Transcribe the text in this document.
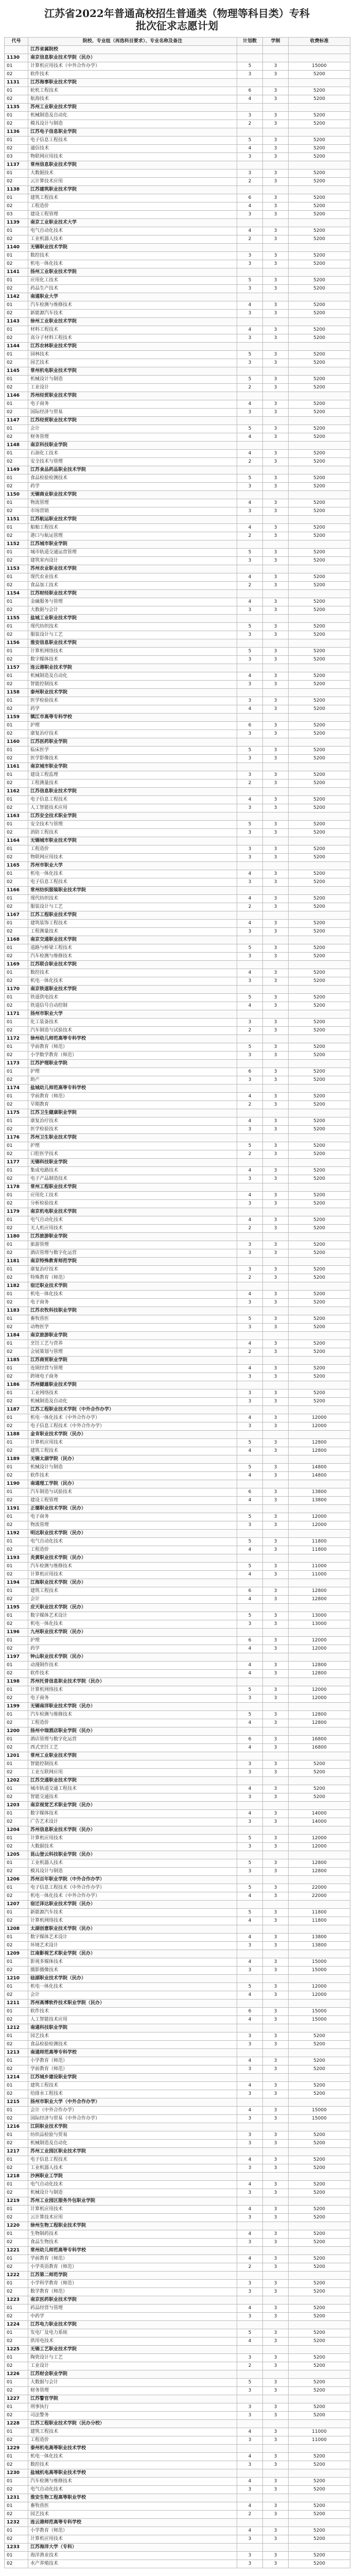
江苏省2022年普通高校招生普通类（物理等科目类）专科
批次征求志愿计划
代号	院校、专业组（再选科目要求）、专业名称及备注	计划数	学制	收费标准
	江苏省属院校			
1130	南京信息职业技术学院（民办）			
01	计算机应用技术（中外合作办学）	5	3	15000
02	软件技术	3	3	5200
1131	江苏海事职业技术学院			
01	轮机工程技术	6	3	5200
02	航海技术	4	3	5200
1135	苏州工业职业技术学院			
01	机械制造及自动化	3	3	5200
02	模具设计与制造	2	3	5200
1136	江苏电子信息职业学院			
01	电子信息工程技术	5	3	5200
02	通信技术	4	3	5200
03	物联网应用技术	3	3	5200
1137	常州信息职业技术学院			
01	大数据技术	3	3	5200
02	云计算技术应用	2	3	5200
1138	江苏建筑职业技术学院			
01	建筑工程技术	6	3	5200
02	工程造价	4	3	5200
03	建设工程管理	3	3	5200
1139	南京工业职业技术大学			
01	电气自动化技术	4	3	5200
02	工业机器人技术	2	3	5200
1140	无锡职业技术学院			
01	数控技术	3	3	5200
02	机电一体化技术	3	3	5200
1141	扬州工业职业技术学院			
01	应用化工技术	5	3	5200
02	药品生产技术	3	3	5200
1142	南通职业大学			
01	汽车检测与维修技术	4	3	5200
02	新能源汽车技术	3	3	5200
1143	徐州工业职业技术学院			
01	材料工程技术	4	3	5200
02	高分子材料工程技术	3	3	5200
1144	江苏农林职业技术学院			
01	园林技术	5	3	5200
02	园艺技术	3	3	5200
1145	常州机电职业技术学院			
01	机械设计与制造	5	3	5200
02	工业设计	2	3	5200
1146	苏州经贸职业技术学院			
01	电子商务	4	3	5200
02	国际经济与贸易	3	3	5200
1147	江苏经贸职业技术学院			
01	会计	5	3	5200
02	财务管理	4	3	5200
1148	南京科技职业学院			
01	石油化工技术	4	3	5200
02	安全技术与管理	2	3	5200
1149	江苏食品药品职业技术学院			
01	食品检验检测技术	5	3	5200
02	药学	3	3	5200
1150	无锡商业职业技术学院			
01	物流管理	4	3	5200
02	市场营销	3	3	5200
1151	江苏航运职业技术学院			
01	船舶工程技术	4	3	5200
02	港口与航运管理	2	3	5200
1152	江苏城市职业学院			
01	城市轨道交通运营管理	5	3	5200
02	建筑室内设计	3	3	5200
1153	苏州农业职业技术学院			
01	现代农业技术	4	3	5200
02	食品加工技术	2	3	5200
1154	江苏财经职业技术学院			
01	金融服务与管理	4	3	5200
02	大数据与会计	3	3	5200
1155	盐城工业职业技术学院			
01	现代纺织技术	5	3	5200
02	服装设计与工艺	3	3	5200
1156	淮安信息职业技术学院			
01	计算机网络技术	5	3	5200
02	数字媒体技术	3	3	5200
1157	连云港职业技术学院			
01	机械制造及自动化	4	3	5200
02	智能控制技术	3	3	5200
1158	泰州职业技术学院			
01	医学检验技术	3	3	5200
02	药学	4	3	5200
1159	镇江市高等专科学校			
01	护理	6	3	5200
02	康复治疗技术	3	3	5200
1160	江苏医药职业学院			
01	临床医学	5	3	5200
02	医学影像技术	3	3	5200
1161	南京城市职业学院			
01	建设工程监理	3	3	5200
02	工程测量技术	2	3	5200
1162	江苏信息职业技术学院			
01	电子信息工程技术	4	3	5200
02	人工智能技术应用	3	3	5200
1163	江苏安全技术职业学院			
01	安全技术与管理	5	3	5200
02	消防工程技术	3	3	5200
1164	无锡城市职业技术学院			
01	工程造价	3	3	5200
02	物联网应用技术	3	3	5200
1165	苏州市职业大学			
01	机电一体化技术	4	3	5200
02	电子信息工程技术	3	3	5200
1166	常州纺织服装职业技术学院			
01	现代纺织技术	4	3	5200
02	服装设计与工艺	2	3	5200
1167	江苏工程职业技术学院			
01	建筑装饰工程技术	4	3	5200
02	工程测量技术	3	3	5200
1168	南京交通职业技术学院			
01	道路与桥梁工程技术	5	3	5200
02	汽车检测与维修技术	3	3	5200
1169	江苏联合职业技术学院			
01	数控技术	4	3	5200
02	机电一体化技术	3	3	5200
1170	南京铁道职业技术学院			
01	铁道供电技术	5	3	5200
02	铁道信号自动控制	4	3	5200
1171	扬州市职业大学			
01	化工装备技术	3	3	5200
02	汽车制造与试验技术	2	3	5200
1172	徐州幼儿师范高等专科学校			
01	学前教育（师范）	5	3	5200
02	小学数学教育（师范）	3	3	5200
1173	江苏护理职业学院			
01	护理	6	3	5200
02	助产	3	3	5200
1174	盐城幼儿师范高等专科学校			
01	学前教育（师范）	4	3	5200
02	早期教育	2	3	5200
1175	江苏卫生健康职业学院			
01	康复治疗技术	4	3	5200
02	医学检验技术	3	3	5200
1176	苏州卫生职业技术学院			
01	护理	5	3	5200
02	口腔医学技术	2	3	5200
1177	无锡科技职业学院			
01	集成电路技术	4	3	5200
02	电子产品制造技术	3	3	5200
1178	常州工程职业技术学院			
01	应用化工技术	4	3	5200
02	分析检验技术	3	3	5200
1179	南京机电职业技术学院			
01	电气自动化技术	4	3	5200
02	无人机应用技术	2	3	5200
1180	江苏旅游职业学院			
01	旅游管理	3	3	5200
02	酒店管理与数字化运营	3	3	5200
1181	南京特殊教育师范学院			
01	康复治疗技术	3	3	5200
02	特殊教育（师范）	2	3	5200
1182	宿迁职业技术学院			
01	机电一体化技术	4	3	5200
02	电子商务	3	3	5200
1183	江苏农牧科技职业学院			
01	畜牧兽医	5	3	5200
02	动物医学	3	3	5200
1184	南京旅游职业学院			
01	烹饪工艺与营养	4	3	5200
02	会展策划与管理	2	3	5200
1185	江苏商贸职业学院			
01	连锁经营与管理	4	3	5200
02	跨境电子商务	3	3	5200
1186	苏州健雄职业技术学院			
01	工业网络技术	3	3	5200
02	机械制造及自动化	3	3	5200
1187	江苏工程职业技术学院（中外合作办学）			
01	机电一体化技术（中外合作办学）	4	3	12000
02	电子信息工程技术（中外合作办学）	3	3	12000
1188	金肯职业技术学院（民办）			
01	计算机应用技术	5	3	12800
02	建筑工程技术	4	3	12800
1189	无锡太湖学院（民办）			
01	机械设计与制造	5	3	14800
02	软件技术	4	3	14800
1190	南通理工学院（民办）			
01	汽车制造与试验技术	6	3	13800
02	建设工程管理	4	3	13800
1191	正德职业技术学院（民办）			
01	电子商务	5	3	12000
02	物流管理	3	3	12000
1192	明达职业技术学院（民办）			
01	电气自动化技术	5	3	11800
02	工程造价	4	3	11800
1193	炎黄职业技术学院（民办）			
01	汽车检测与维修技术	5	3	11000
02	计算机应用技术	4	3	11000
1194	江海职业技术学院（民办）			
01	建筑工程技术	6	3	12800
02	会计	4	3	12800
1195	应天职业技术学院（民办）			
01	数字媒体艺术设计	5	3	13000
02	机电一体化技术	3	3	13000
1196	九州职业技术学院（民办）			
01	护理	6	3	12000
02	药学	4	3	12000
1197	钟山职业技术学院（民办）			
01	动漫制作技术	4	3	12800
02	软件技术	4	3	12800
1198	苏州托普信息职业技术学院（民办）			
01	计算机网络技术	5	3	12000
02	电子商务	3	3	12000
1199	无锡南洋职业技术学院（民办）			
01	汽车检测与维修技术	5	3	12800
02	工程造价	4	3	12800
1200	扬州中瑞酒店职业学院（民办）			
01	酒店管理与数字化运营	6	3	16800
02	西式烹饪工艺	4	3	16800
1201	常州工业职业技术学院			
01	智能控制技术	3	3	5200
02	工业互联网应用	3	3	5200
1202	江苏交通职业技术学院			
01	城市轨道交通工程技术	4	3	5200
02	智能交通技术	3	3	5200
1203	南京视觉艺术职业学院（民办）			
01	数字媒体技术	4	3	14000
02	广告艺术设计	3	3	14000
1204	苏州信息职业技术学院（民办）			
01	计算机应用技术	5	3	12000
02	大数据技术	3	3	12000
1205	昆山登云科技职业学院（民办）			
01	工业机器人技术	5	3	12800
02	模具设计与制造	3	3	12800
1206	苏州百年职业学院（中外合作办学）			
01	电子信息工程技术（中外合作办学）	5	3	22000
02	机电一体化技术（中外合作办学）	4	3	22000
1207	宿迁泽达职业技术学院（民办）			
01	新能源汽车技术	5	3	11800
02	计算机网络技术	4	3	11800
1208	太湖创意职业技术学院（民办）			
01	数字媒体艺术设计	4	3	13800
02	环境艺术设计	3	3	13800
1209	江南影视艺术职业学院（民办）			
01	影视多媒体技术	4	3	15000
02	摄影摄像技术	3	3	15000
1210	硅湖职业技术学院（民办）			
01	机电一体化技术	5	3	12000
02	会计	4	3	12000
1211	苏州高博软件技术职业学院（民办）			
01	软件技术	6	3	15000
02	人工智能技术应用	4	3	15000
1212	南通科技职业学院			
01	园艺技术	3	3	5200
02	食品检验检测技术	3	3	5200
1213	南通师范高等专科学校			
01	小学教育（师范）	4	3	5200
02	学前教育（师范）	3	3	5200
1214	江苏城乡建设职业学院			
01	建筑工程技术	4	3	5200
02	给排水工程技术	3	3	5200
1215	扬州市职业大学（中外合作办学）			
01	会计（中外合作办学）	4	3	15000
02	国际经济与贸易（中外合作办学）	3	3	15000
1216	江阴职业技术学院			
01	纺织品检验与贸易	3	3	5200
02	机械制造及自动化	3	3	5200
1217	苏州工业园区职业技术学院			
01	电子信息工程技术	4	3	5200
02	工业机器人技术	3	3	5200
1218	沙洲职业工学院			
01	电气自动化技术	4	3	5200
02	机械设计与制造	3	3	5200
1219	苏州工业园区服务外包职业学院			
01	计算机应用技术	4	3	5200
02	云计算技术应用	3	3	5200
1220	徐州生物工程职业技术学院			
01	生物制药技术	4	3	5200
02	食品生物技术	3	3	5200
1221	常州幼儿师范高等专科学校			
01	学前教育（师范）	4	3	5200
02	小学英语教育（师范）	2	3	5200
1222	江苏第二师范学院			
01	小学科学教育（师范）	3	3	5200
02	数学教育（师范）	3	3	5200
1223	南京医药职业技术学院			
01	药品经营与管理	4	3	5200
02	中药学	3	3	5200
1224	江苏电力职业技术学院			
01	发电厂及电力系统	5	3	5200
02	供用电技术	4	3	5200
1225	无锡工艺职业技术学院			
01	陶瓷设计与工艺	3	3	5200
02	工业设计	2	3	5200
1226	江苏财会职业学院			
01	大数据与会计	5	3	5200
02	财务管理	3	3	5200
1227	江苏警官学院			
01	刑事执行	3	3	5200
02	司法警务	3	3	5200
1228	江苏工程职业技术学院（民办分校）			
01	建筑工程技术	4	3	11000
02	工程造价	3	3	11000
1229	泰州机电高等职业技术学校			
01	机电一体化技术	4	3	5200
02	数控技术	3	3	5200
1230	盐城机电高等职业技术学校			
01	汽车检测与维修技术	4	3	5200
02	电气自动化技术	3	3	5200
1231	淮安生物工程高等职业学校			
01	畜牧兽医	4	3	5200
02	园艺技术	2	3	5200
1232	连云港师范高等专科学校			
01	小学教育（师范）	4	3	5200
02	计算机应用技术	3	3	5200
1233	江苏海洋大学（专科）			
01	海洋渔业技术	3	3	5200
02	水产养殖技术	3	3	5200
